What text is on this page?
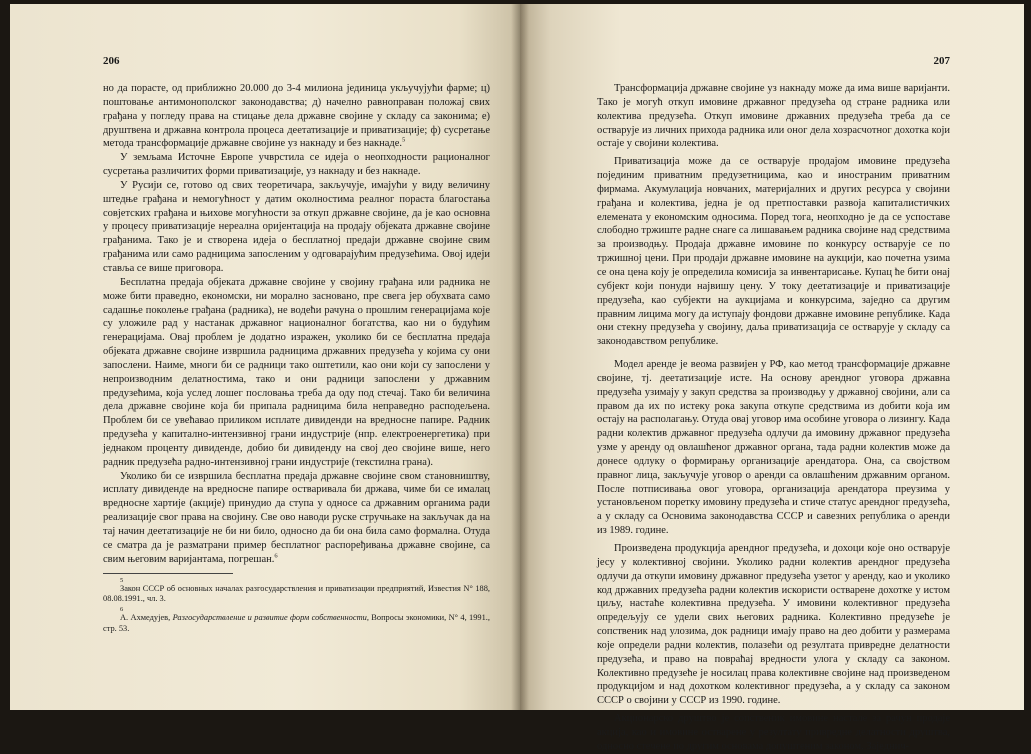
206

но да порасте, од приближно 20.000 до 3-4 милиона јединица укључујући фарме; ц) поштовање антимонополског законодавства; д) начелно равноправан положај свих грађана у погледу права на стицање дела државне својине у складу са законима; е) друштвена и државна контрола процеса деетатизације и приватизације; ф) сусретање метода трансформације државне својине уз накнаду и без накнаде.$^5$

У земљама Источне Европе учврстила се идеја о неопходности рационалног сусретања различитих форми приватизације, уз накнаду и без накнаде.

У Русији се, готово од свих теоретичара, закључује, имајући у виду величину штедње грађана и немогућност у датим околностима реалног пораста благостања совјетских грађана и њихове могућности за откуп државне својине, да је као основна у процесу приватизације нереална оријентација на продају објеката државне својине грађанима. Тако је и створена идеја о бесплатној предаји државне својине свим грађанима или само радницима запосленим у одговарајућим предузећима. Овој идеји ставља се више приговора.

Бесплатна предаја објеката државне својине у својину грађана или радника не може бити праведно, економски, ни морално засновано, пре свега јер обухвата само садашње поколење грађана (радника), не водећи рачуна о прошлим генерацијама које су уложиле рад у настанак државног национaлног богатства, као ни о будућим генерацијама. Овај проблем је додатно изражен, уколико би се бесплатна предаја објеката државне својине извршила радницима државних предузећа у којима су они запослени. Наиме, многи би се радници тако оштетили, као они који су запослени у непроизводним делатностима, тако и они радници запослени у државним предузећима, која услед лошег пословања треба да оду под стечај. Тако би величина дела државне својине која би припала радницима била неправедно расподељена. Проблем би се увећавао приликом исплате дивиденди на вредносне папире. Радник предузећа у капитално-интензивној грани индустрије (нпр. електроенергетика) при једнаком проценту дивиденде, добио би дивиденду на свој део својине више, него радник предузећа радно-интензивној грани индустрије (текстилна грана).

Уколико би се извршила бесплатна предаја државне својине свом становништву, исплату дивиденде на вредносне папире остваривала би држава, чиме би се ималац вредносне хартије (акције) принудио да ступа у односе са државним органима ради реализације свог права на својину. Све ово наводи руске стручњаке на закључак да на тај начин деетатизације не би ни било, односно да би она била само формална. Отуда се сматра да је разматрани пример бесплатног распоређивања државне својине, са свим његовим варијантама, погрешан.$^6$

5
Закон СССР об основных началах разгосударствления и приватизации предприятий, Известия N° 188, 08.08.1991., чл. 3.
6
А. Ахмедујев, Разгосударствление и развитие форм собственности, Вопросы экономики, N° 4, 1991., стр. 53.
207

Трансформација државне својине уз накнаду може да има више варијанти. Тако је могућ откуп имовине државног предузећа од стране радника или колектива предузећа. Откуп имовине државних предузећа треба да се остварује из личних прихода радника или оног дела хозрасчотног дохотка који остаје у својини колектива.

Приватизација може да се остварује продајом имовине предузећа појединим приватним предузетницима, као и иностраним приватним фирмама. Акумулација новчаних, материјалних и других ресурса у својини грађана и колектива, једна је од претпоставки развоја капиталистичких елемената у економским односима. Поред тога, неопходно је да се успоставе слободно тржиште радне снаге са лишавањем радника својине над средствима за производњу. Продаја државне имовине по конкурсу остварује се по тржишној цени. При продаји државне имовине на аукцији, као почетна узима се она цена коју је определила комисија за инвентарисање. Купац ће бити онај субјект који понуди највишу цену. У току деетатизације и приватизације предузећа, као субјекти на аукцијама и конкурсима, заједно са другим правним лицима могу да иступају фондови државне имовине републике. Када они стекну предузећа у својину, даља приватизација се остварује у складу са законодавством републике.

Модел аренде је веома развијен у РФ, као метод трансформације државне својине, тј. деетатизације исте. На основу арендног уговора државна предузећа узимају у закуп средства за производњу у државној својини, али са правом да их по истеку рока закупа откупе средствима из добити која им остају на располагању. Отуда овај уговор има особине уговора о лизингу. Када радни колектив државног предузећа одлучи да имовину државног предузећа узме у аренду од овлашћеног државног органа, тада радни колектив може да донесе одлуку о формирању организације арендатора. Она, са својством правног лица, закључује уговор о аренди са овлашћеним државним органом. После потписивања овог уговора, организација арендатора преузима у установљеном поретку имовину предузећа и стиче статус арендног предузећа, а у складу са Основима законодавства СССР и савезних република о аренди из 1989. године.

Произведена продукција арендног предузећа, и дохоци које оно остварује јесу у колективној својини. Уколико радни колектив арендног предузећа одлучи да откупи имовину државног предузећа узетог у аренду, као и уколико код државних предузећа радни колектив искористи остварене дохотке у истом циљу, настаће колективна предузећа. У имовини колективног предузећа опредељују се удели свих његових радника. Колективно предузеће је сопственик над улозима, док радници имају право на део добити у размерама које определи радни колектив, полазећи од резултата привредне делатности предузећа, и право на повраћај вредности улога у складу са законом. Колективно предузеће је носилац права колективне својине над произведеном продукцијом и над дохотком колективног предузећа, а у складу са законом СССР о својини у СССР из 1990. године.

Акционарско друштво је сопственик имовине настале за рачун продаје акција, као и имовине остварене у резултату привредне делатности друштва, односно стечене по другим основама допуштеним законом. Заједнич-
